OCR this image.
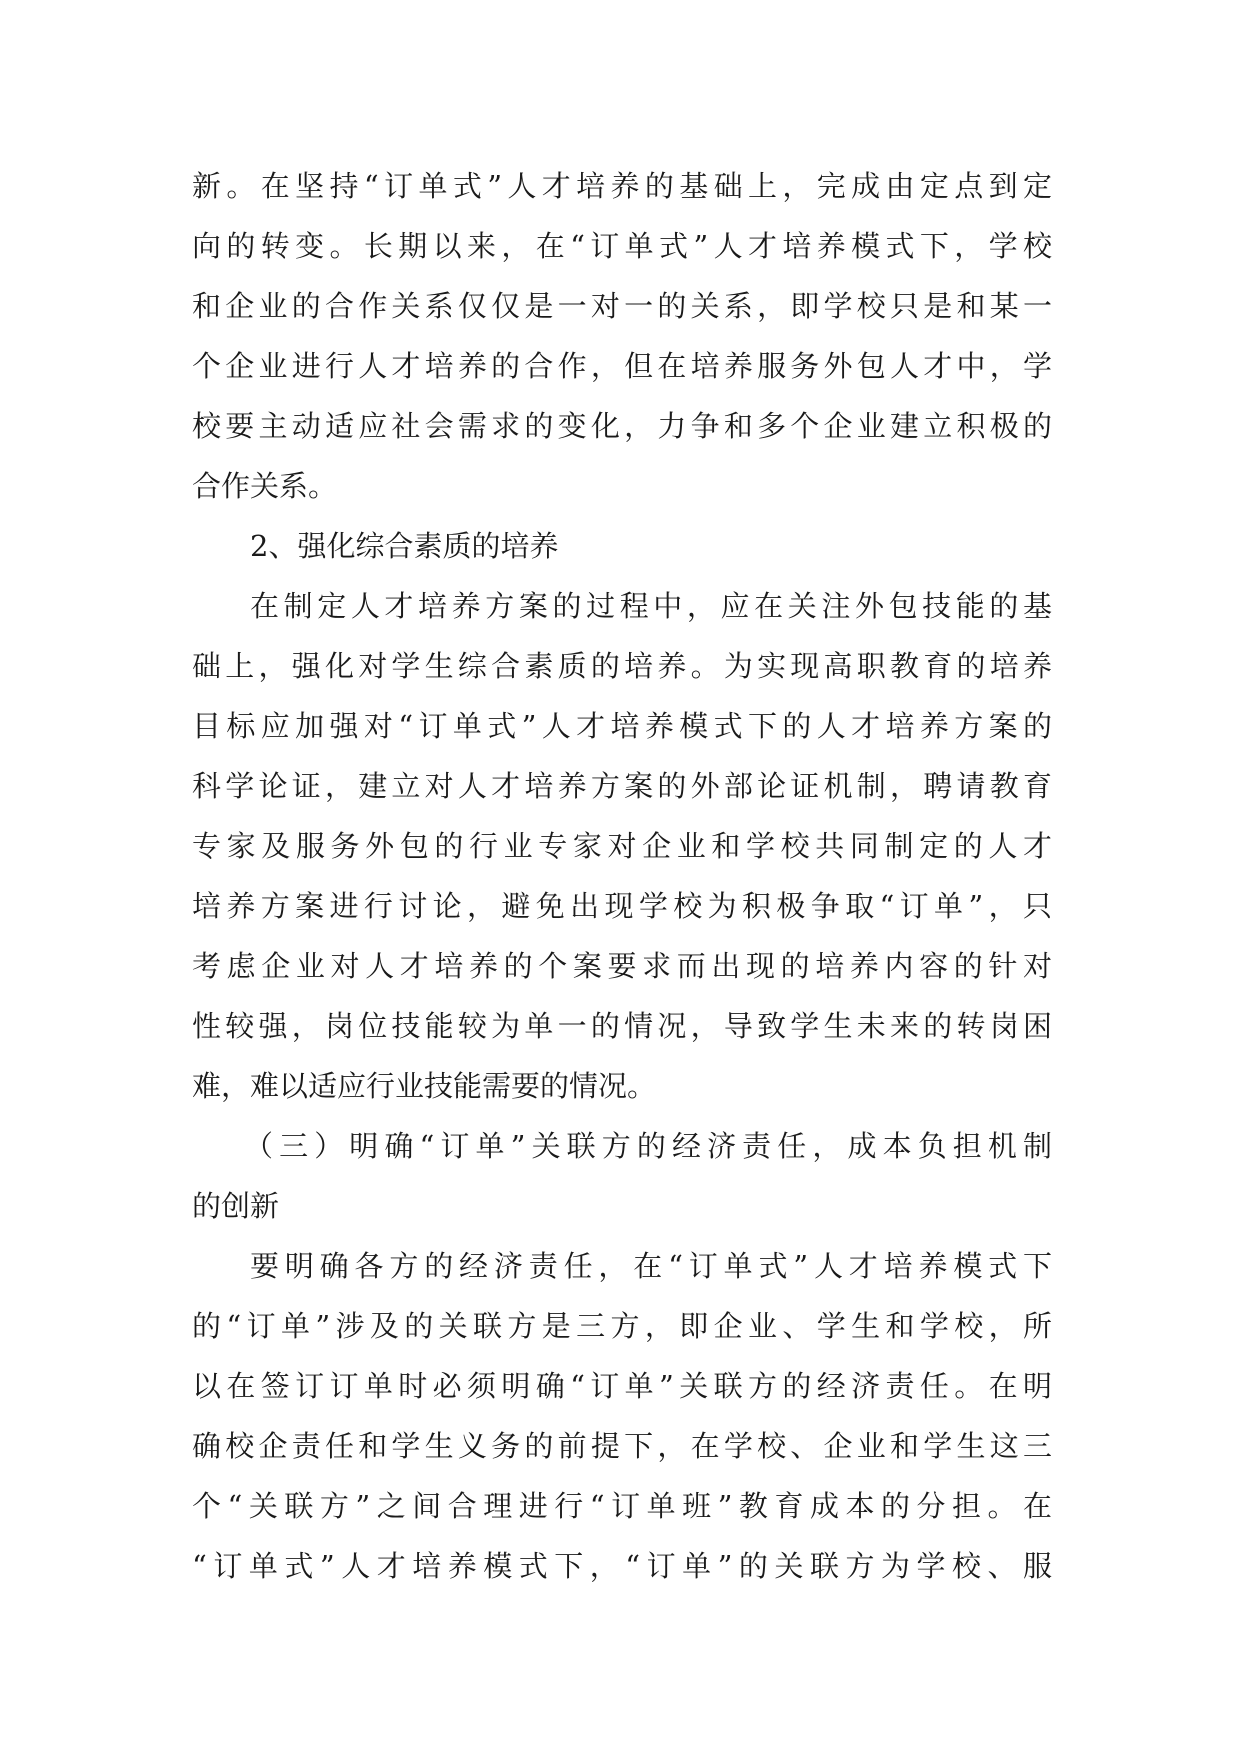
新。在坚持“订单式”人才培养的基础上，完成由定点到定
向的转变。长期以来，在“订单式”人才培养模式下，学校
和企业的合作关系仅仅是一对一的关系，即学校只是和某一
个企业进行人才培养的合作，但在培养服务外包人才中，学
校要主动适应社会需求的变化，力争和多个企业建立积极的
合作关系。
2、强化综合素质的培养
在制定人才培养方案的过程中，应在关注外包技能的基
础上，强化对学生综合素质的培养。为实现高职教育的培养
目标应加强对“订单式”人才培养模式下的人才培养方案的
科学论证，建立对人才培养方案的外部论证机制，聘请教育
专家及服务外包的行业专家对企业和学校共同制定的人才
培养方案进行讨论，避免出现学校为积极争取“订单”，只
考虑企业对人才培养的个案要求而出现的培养内容的针对
性较强，岗位技能较为单一的情况，导致学生未来的转岗困
难，难以适应行业技能需要的情况。
（三）明确“订单”关联方的经济责任，成本负担机制
的创新
要明确各方的经济责任，在“订单式”人才培养模式下
的“订单”涉及的关联方是三方，即企业、学生和学校，所
以在签订订单时必须明确“订单”关联方的经济责任。在明
确校企责任和学生义务的前提下，在学校、企业和学生这三
个“关联方”之间合理进行“订单班”教育成本的分担。在
“订单式”人才培养模式下，“订单”的关联方为学校、服
